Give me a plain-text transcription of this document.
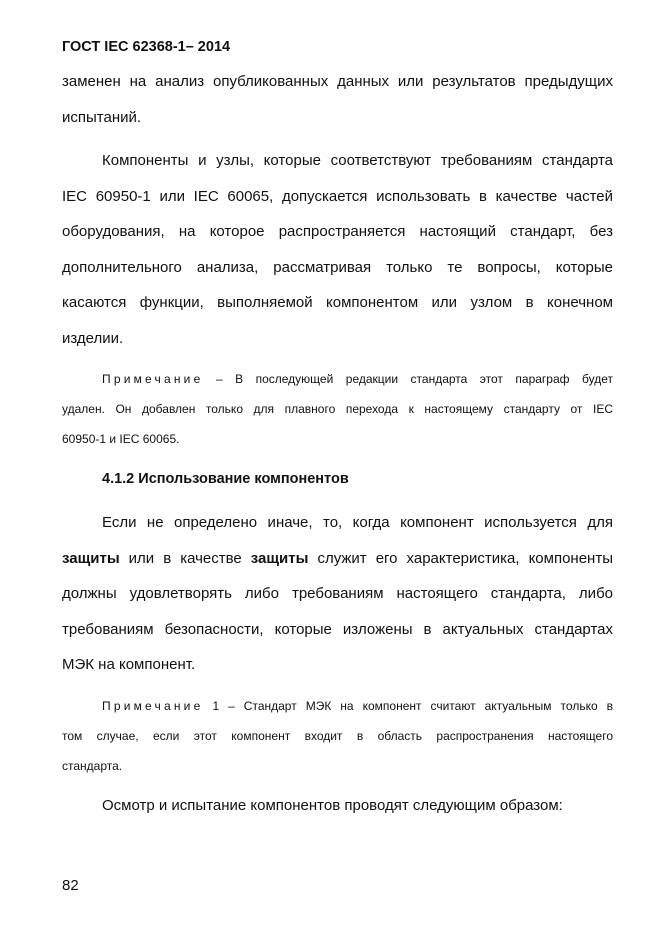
ГОСТ IEC 62368-1– 2014
заменен на анализ опубликованных данных или результатов предыдущих
испытаний.
Компоненты и узлы, которые соответствуют требованиям стандарта
IEC 60950-1 или IEC 60065, допускается использовать в качестве частей
оборудования, на которое распространяется настоящий стандарт, без
дополнительного анализа, рассматривая только те вопросы, которые
касаются функции, выполняемой компонентом или узлом в конечном
изделии.
Примечание – В последующей редакции стандарта этот параграф будет
удален. Он добавлен только для плавного перехода к настоящему стандарту от IEC
60950-1 и IEC 60065.
4.1.2 Использование компонентов
Если не определено иначе, то, когда компонент используется для
защиты или в качестве защиты служит его характеристика, компоненты
должны удовлетворять либо требованиям настоящего стандарта, либо
требованиям безопасности, которые изложены в актуальных стандартах
МЭК на компонент.
Примечание 1 – Стандарт МЭК на компонент считают актуальным только в
том случае, если этот компонент входит в область распространения настоящего
стандарта.
Осмотр и испытание компонентов проводят следующим образом:
82
